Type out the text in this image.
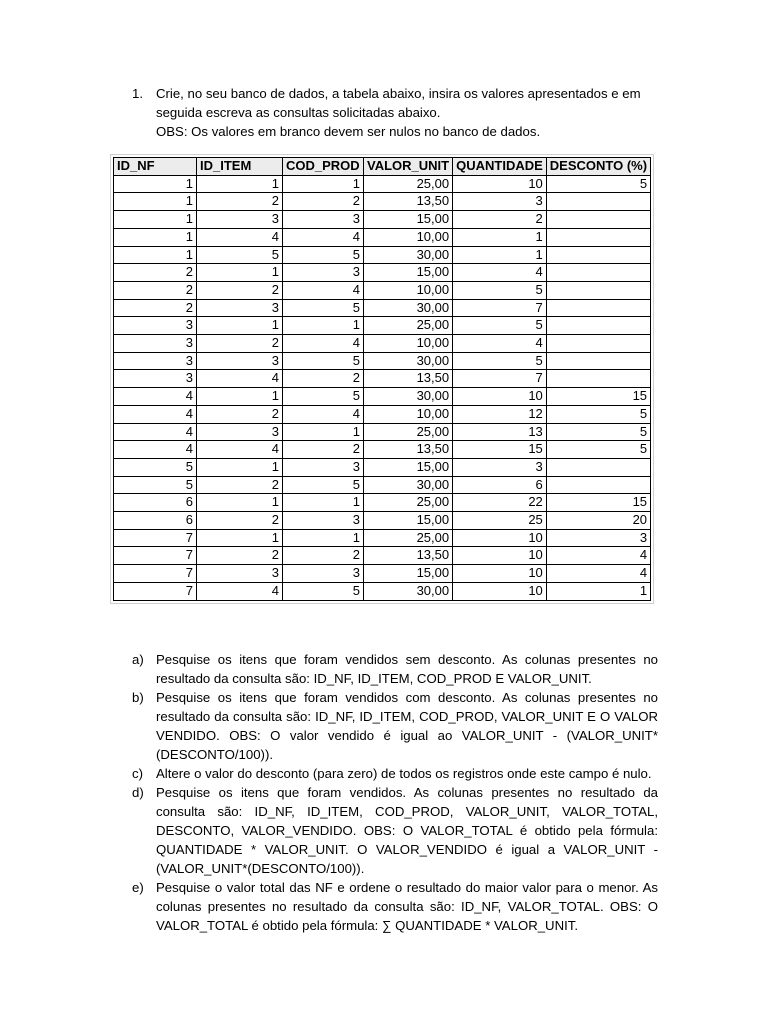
1. Crie, no seu banco de dados, a tabela abaixo, insira os valores apresentados e em seguida escreva as consultas solicitadas abaixo.
OBS: Os valores em branco devem ser nulos no banco de dados.
ID_NF	ID_ITEM	COD_PROD	VALOR_UNIT	QUANTIDADE	DESCONTO (%)
1	1	1	25,00	10	5
1	2	2	13,50	3	
1	3	3	15,00	2	
1	4	4	10,00	1	
1	5	5	30,00	1	
2	1	3	15,00	4	
2	2	4	10,00	5	
2	3	5	30,00	7	
3	1	1	25,00	5	
3	2	4	10,00	4	
3	3	5	30,00	5	
3	4	2	13,50	7	
4	1	5	30,00	10	15
4	2	4	10,00	12	5
4	3	1	25,00	13	5
4	4	2	13,50	15	5
5	1	3	15,00	3	
5	2	5	30,00	6	
6	1	1	25,00	22	15
6	2	3	15,00	25	20
7	1	1	25,00	10	3
7	2	2	13,50	10	4
7	3	3	15,00	10	4
7	4	5	30,00	10	1
a) Pesquise os itens que foram vendidos sem desconto. As colunas presentes no resultado da consulta são: ID_NF, ID_ITEM, COD_PROD E VALOR_UNIT.
b) Pesquise os itens que foram vendidos com desconto. As colunas presentes no resultado da consulta são: ID_NF, ID_ITEM, COD_PROD, VALOR_UNIT E O VALOR VENDIDO. OBS: O valor vendido é igual ao VALOR_UNIT - (VALOR_UNIT*(DESCONTO/100)).
c) Altere o valor do desconto (para zero) de todos os registros onde este campo é nulo.
d) Pesquise os itens que foram vendidos. As colunas presentes no resultado da consulta são: ID_NF, ID_ITEM, COD_PROD, VALOR_UNIT, VALOR_TOTAL, DESCONTO, VALOR_VENDIDO. OBS: O VALOR_TOTAL é obtido pela fórmula: QUANTIDADE * VALOR_UNIT. O VALOR_VENDIDO é igual a VALOR_UNIT - (VALOR_UNIT*(DESCONTO/100)).
e) Pesquise o valor total das NF e ordene o resultado do maior valor para o menor. As colunas presentes no resultado da consulta são: ID_NF, VALOR_TOTAL. OBS: O VALOR_TOTAL é obtido pela fórmula: ∑ QUANTIDADE * VALOR_UNIT.
